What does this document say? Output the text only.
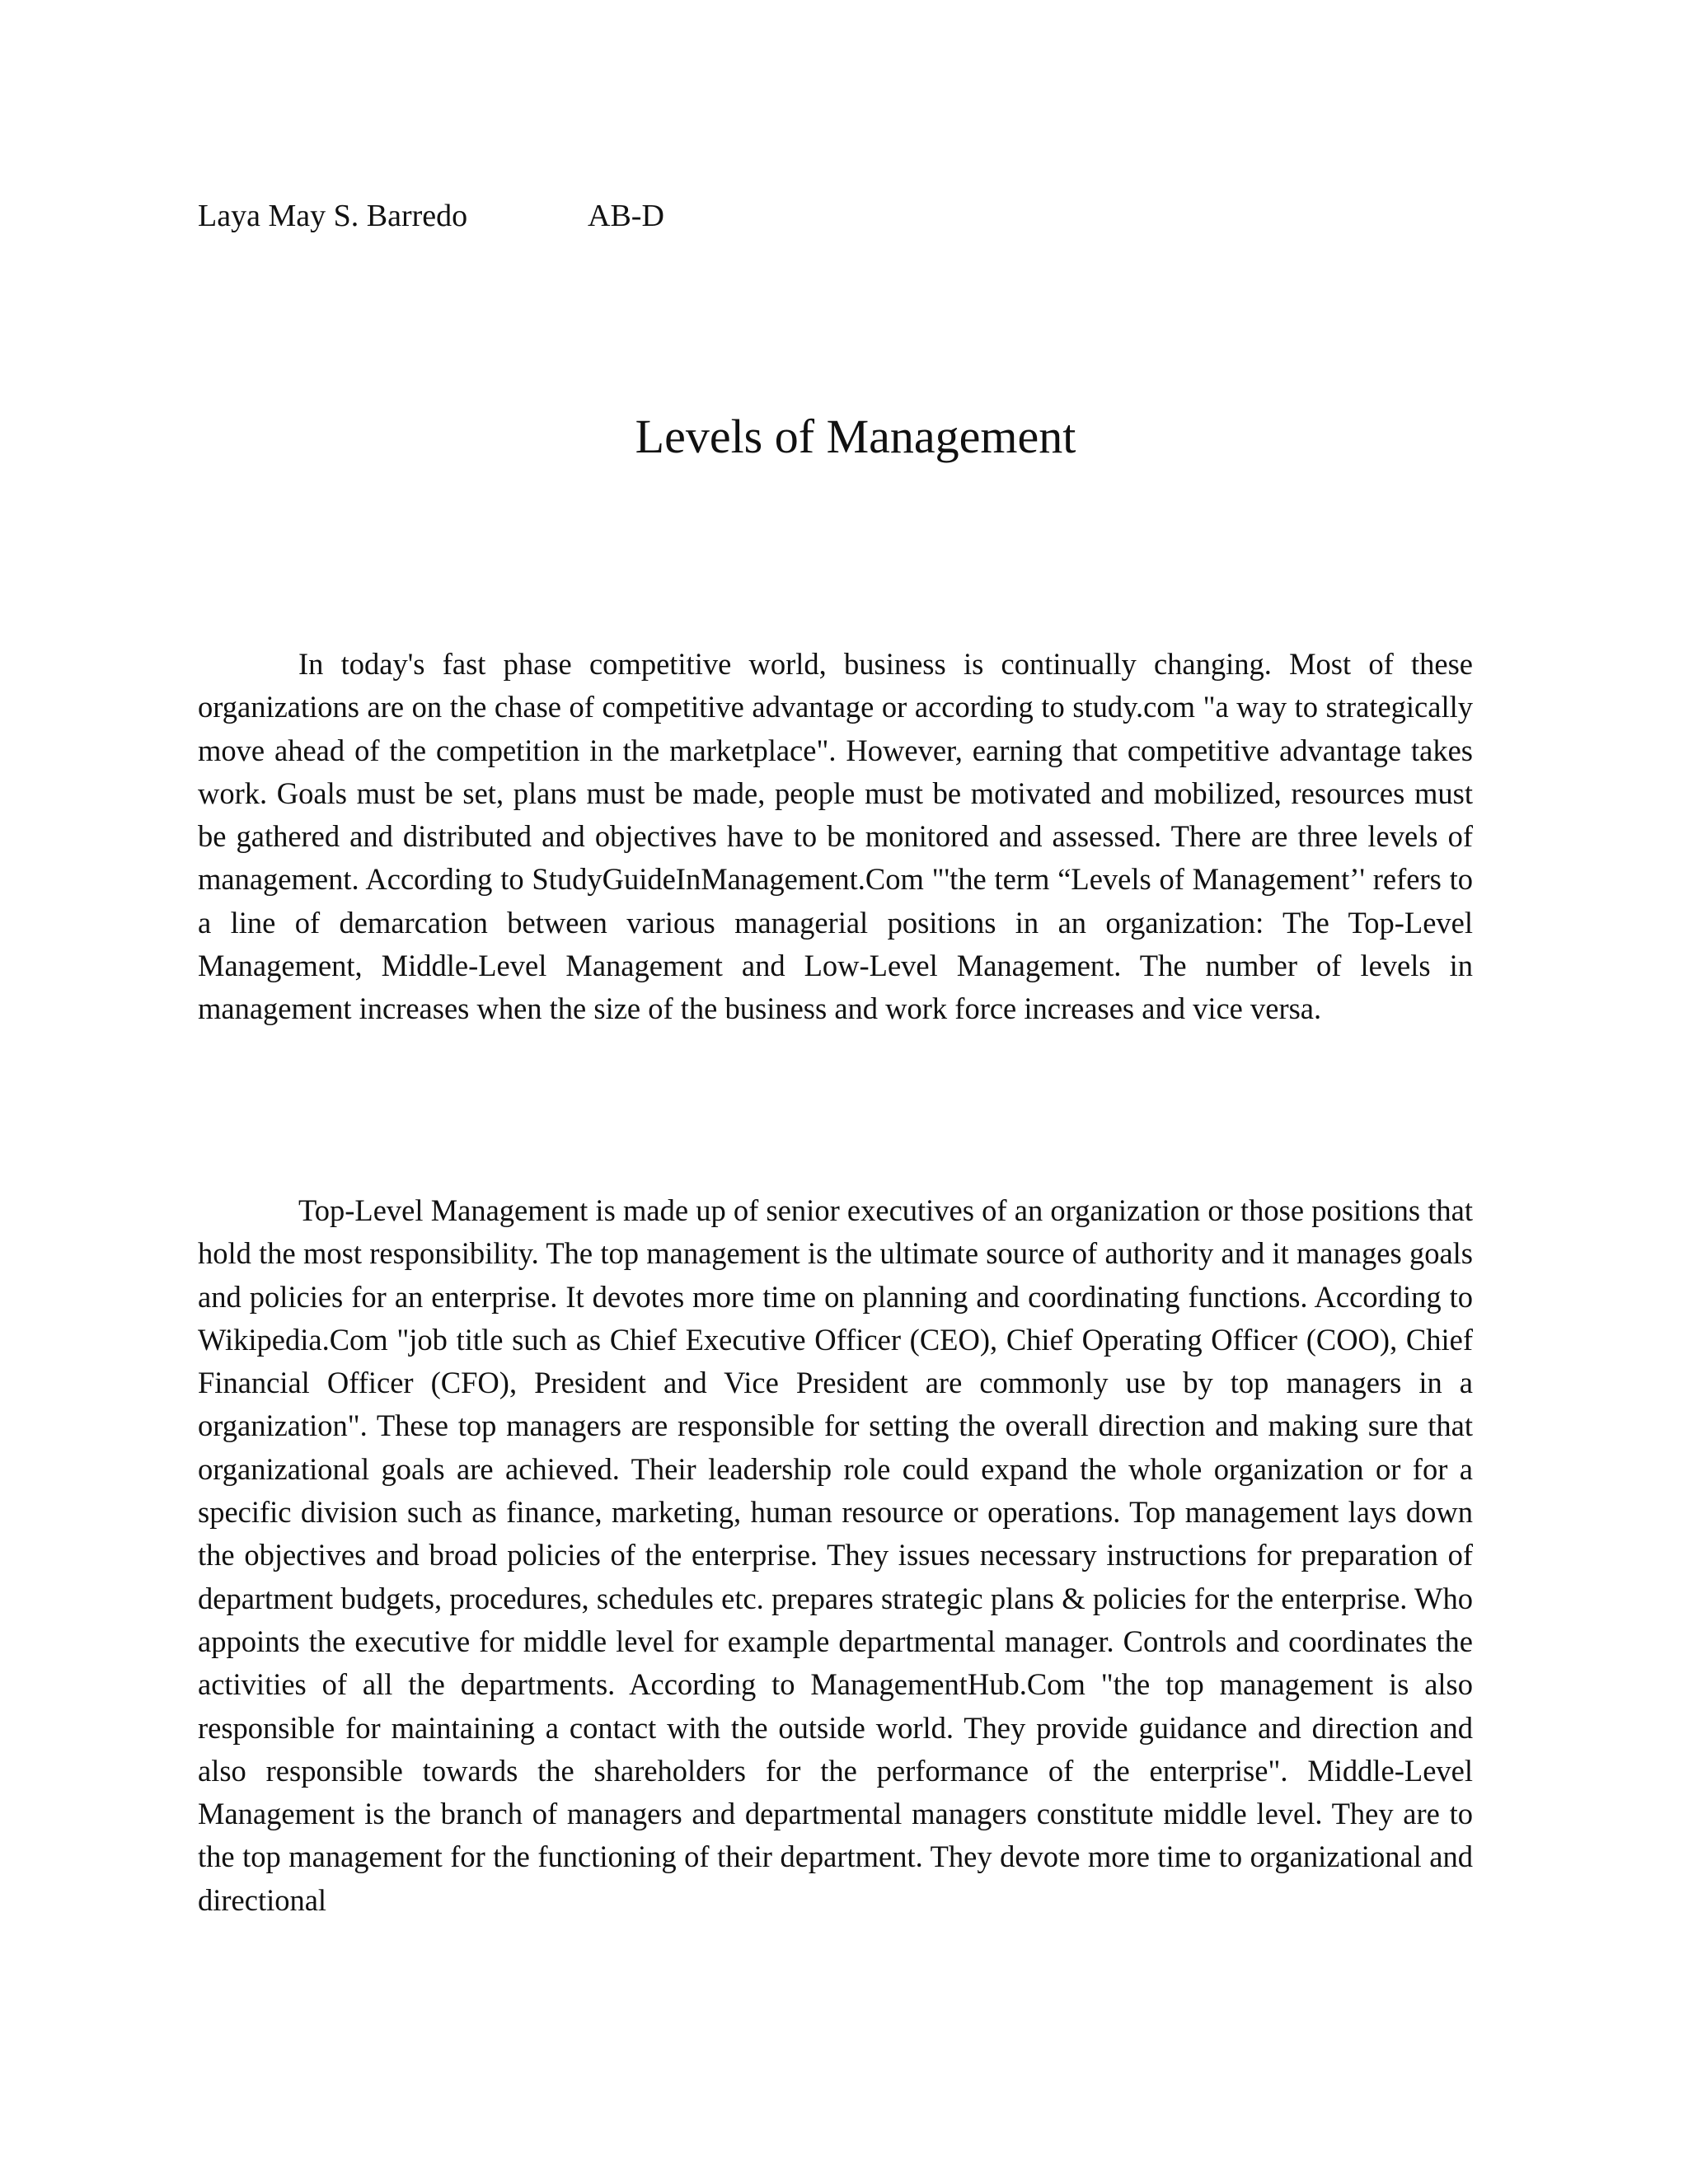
Laya May S. Barredo	AB-D
Levels of Management

In today's fast phase competitive world, business is continually changing. Most of these organizations are on the chase of competitive advantage or according to study.com "a way to strategically move ahead of the competition in the marketplace". However, earning that competitive advantage takes work. Goals must be set, plans must be made, people must be motivated and mobilized, resources must be gathered and distributed and objectives have to be monitored and assessed. There are three levels of management. According to StudyGuideInManagement.Com "'the term “Levels of Management’' refers to a line of demarcation between various managerial positions in an organization: The Top-Level Management, Middle-Level Management and Low-Level Management. The number of levels in management increases when the size of the business and work force increases and vice versa.

Top-Level Management is made up of senior executives of an organization or those positions that hold the most responsibility. The top management is the ultimate source of authority and it manages goals and policies for an enterprise. It devotes more time on planning and coordinating functions. According to Wikipedia.Com "job title such as Chief Executive Officer (CEO), Chief Operating Officer (COO), Chief Financial Officer (CFO), President and Vice President are commonly use by top managers in a organization". These top managers are responsible for setting the overall direction and making sure that organizational goals are achieved. Their leadership role could expand the whole organization or for a specific division such as finance, marketing, human resource or operations. Top management lays down the objectives and broad policies of the enterprise. They issues necessary instructions for preparation of department budgets, procedures, schedules etc. prepares strategic plans & policies for the enterprise. Who appoints the executive for middle level for example departmental manager. Controls and coordinates the activities of all the departments. According to ManagementHub.Com "the top management is also responsible for maintaining a contact with the outside world. They provide guidance and direction and also responsible towards the shareholders for the performance of the enterprise". Middle-Level Management is the branch of managers and departmental managers constitute middle level. They are to the top management for the functioning of their department. They devote more time to organizational and directional
